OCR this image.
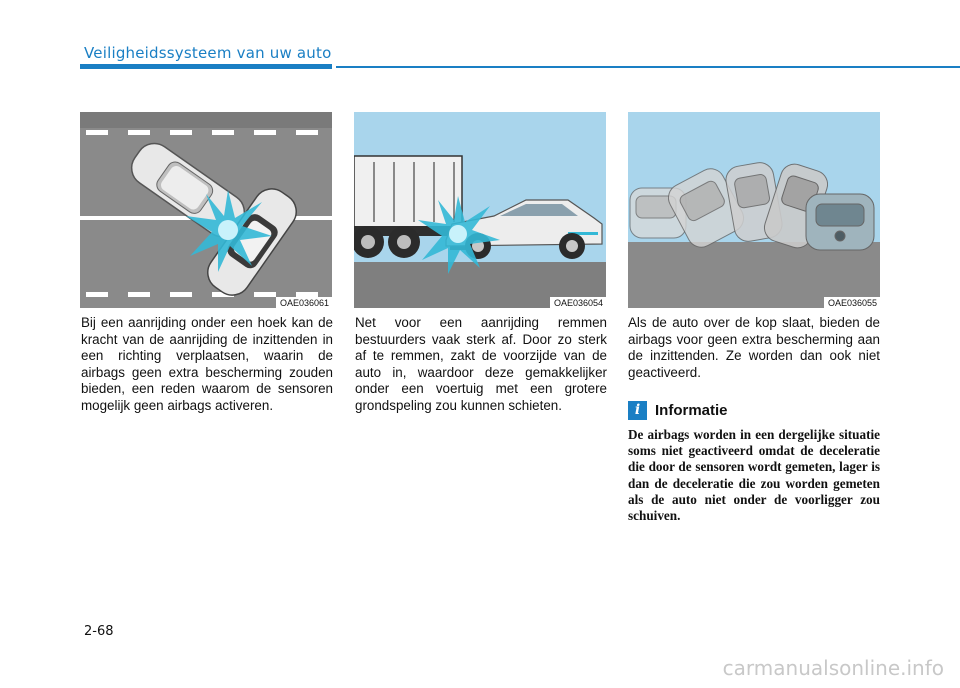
Veiligheidssysteem van uw auto
OAE036061	OAE036054	OAE036055
Bij een aanrijding onder een hoek kan de kracht van de aanrijding de inzittenden in een richting verplaatsen, waarin de airbags geen extra bescherming zouden bieden, een reden waarom de sensoren mogelijk geen airbags activeren.
Net voor een aanrijding remmen bestuurders vaak sterk af. Door zo sterk af te remmen, zakt de voorzijde van de auto in, waardoor deze gemakkelijker onder een voertuig met een grotere grondspeling zou kunnen schieten.
Als de auto over de kop slaat, bieden de airbags voor geen extra bescherming aan de inzittenden. Ze worden dan ook niet geactiveerd.
i Informatie
De airbags worden in een dergelijke situatie soms niet geactiveerd omdat de deceleratie die door de sensoren wordt gemeten, lager is dan de deceleratie die zou worden gemeten als de auto niet onder de voorligger zou schuiven.
2-68
carmanualsonline.info
